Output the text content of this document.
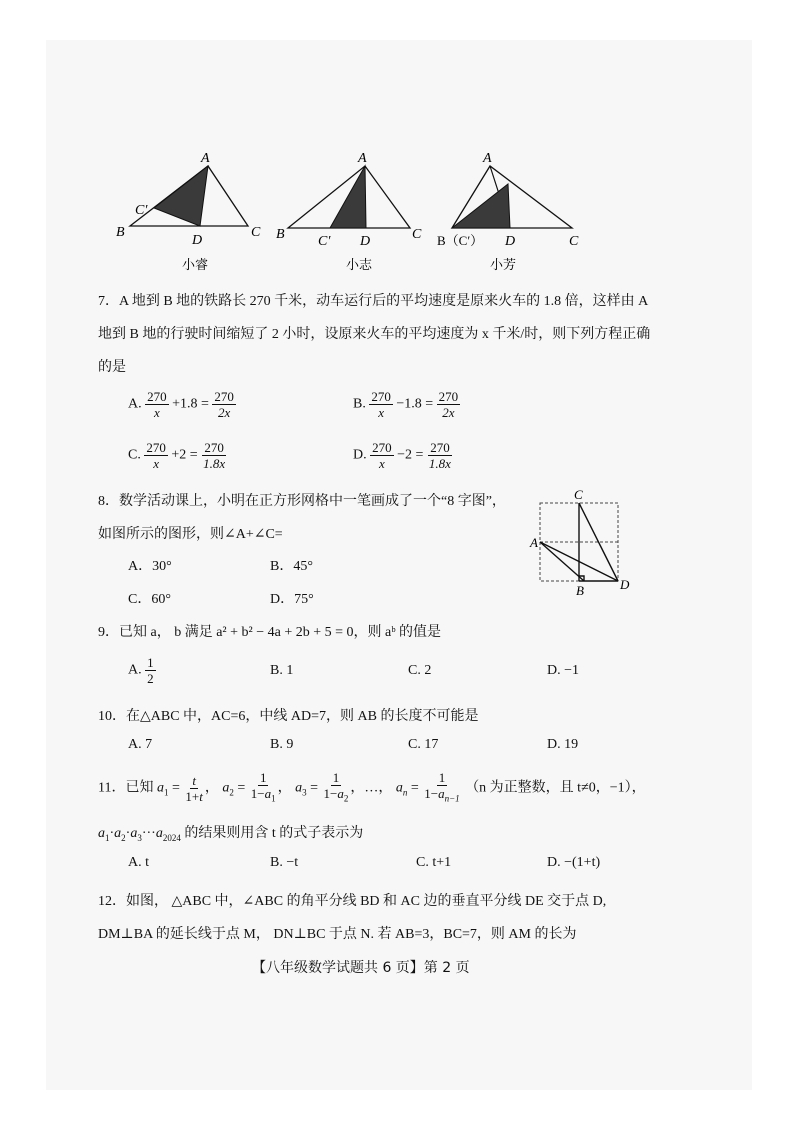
A
B	C
D
C′
A
B	C
D
C′
A
B（C′） D	C
小睿	小志	小芳
7．A 地到 B 地的铁路长 270 千米，动车运行后的平均速度是原来火车的 1.8 倍，这样由 A
地到 B 地的行驶时间缩短了 2 小时，设原来火车的平均速度为 x 千米/时，则下列方程正确
的是
A. $\frac{270}{x} +1.8 = \frac{270}{2x}$	B. $\frac{270}{x} -1.8 = \frac{270}{2x}$
C. $\frac{270}{x} +2 = \frac{270}{1.8x}$	D. $\frac{270}{x} -2 = \frac{270}{1.8x}$
8．数学活动课上，小明在正方形网格中一笔画成了一个“8 字图”，
如图所示的图形，则∠A+∠C=
A．30°	B．45°
C．60°	D．75°
A
C
B	D
9．已知 a， b 满足 a² + b² − 4a + 2b + 5 = 0，则 aᵇ 的值是
A. $\frac{1}{2}$	B. 1	C. 2	D. −1
10．在△ABC 中，AC=6，中线 AD=7，则 AB 的长度不可能是
A. 7	B. 9	C. 17	D. 19
11．已知 $a_1 = \frac{t}{1+t}$ ， $a_2 = \frac{1}{1-a_1}$ ， $a_3 = \frac{1}{1-a_2}$ ，…， $a_n = \frac{1}{1-a_{n-1}} (n$ 为正整数，且 t≠0，−1），
$a_1\cdot a_2\cdot a_3\cdot\cdot\cdot a_{2024}$ 的结果则用含 t 的式子表示为
A. t	B. −t	C. t+1	D. −(1+t)
12．如图， △ABC 中，∠ABC 的角平分线 BD 和 AC 边的垂直平分线 DE 交于点 D,
DM⊥BA 的延长线于点 M， DN⊥BC 于点 N. 若 AB=3，BC=7，则 AM 的长为
【八年级数学试题共 6 页】第 2 页
